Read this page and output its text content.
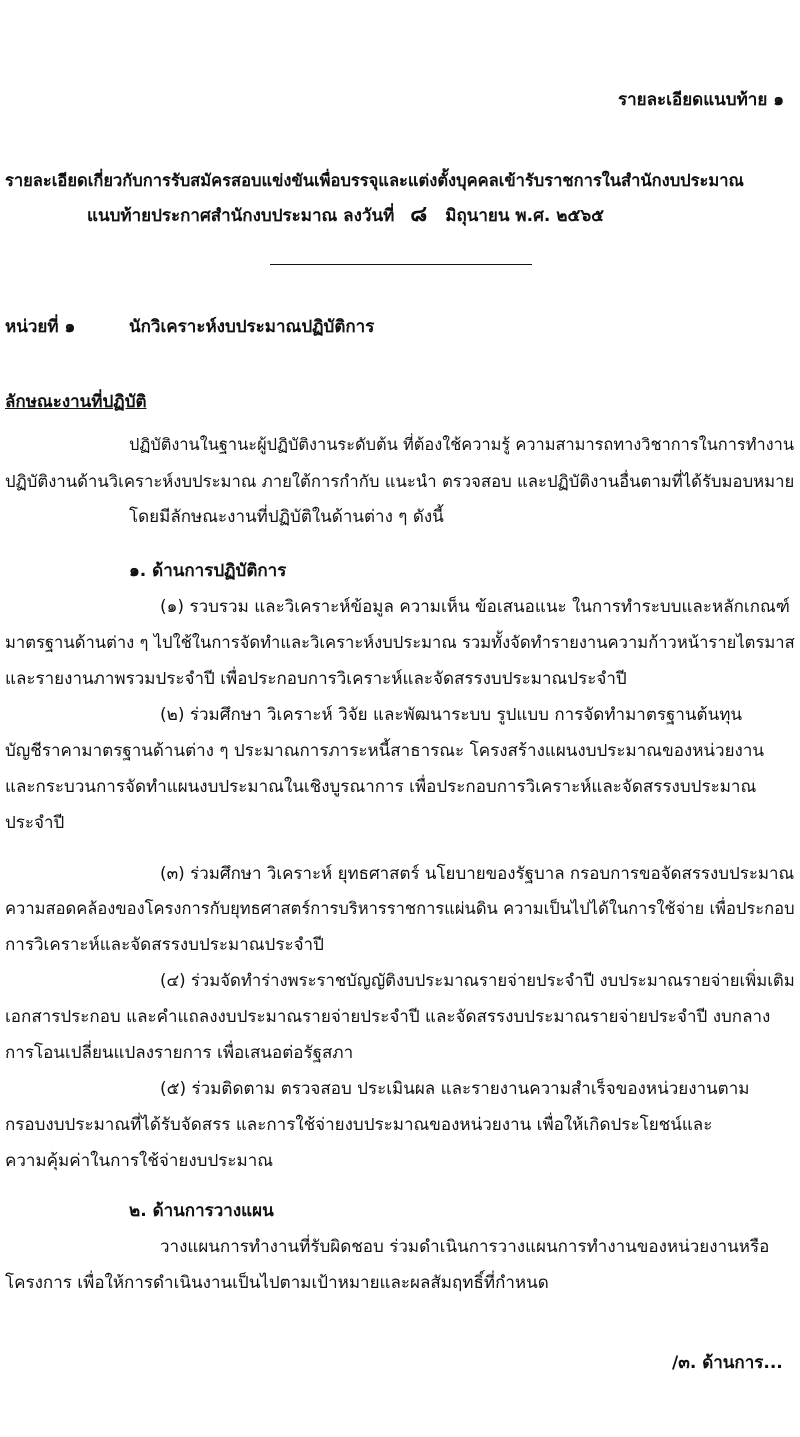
รายละเอียดแนบท้าย ๑
รายละเอียดเกี่ยวกับการรับสมัครสอบแข่งขันเพื่อบรรจุและแต่งตั้งบุคคลเข้ารับราชการในสำนักงบประมาณ
แนบท้ายประกาศสำนักงบประมาณ ลงวันที่ ๘ มิถุนายน พ.ศ. ๒๕๖๕
หน่วยที่ ๑	นักวิเคราะห์งบประมาณปฏิบัติการ
ลักษณะงานที่ปฏิบัติ
ปฏิบัติงานในฐานะผู้ปฏิบัติงานระดับต้น ที่ต้องใช้ความรู้ ความสามารถทางวิชาการในการทำงาน
ปฏิบัติงานด้านวิเคราะห์งบประมาณ ภายใต้การกำกับ แนะนำ ตรวจสอบ และปฏิบัติงานอื่นตามที่ได้รับมอบหมาย
โดยมีลักษณะงานที่ปฏิบัติในด้านต่าง ๆ ดังนี้
๑. ด้านการปฏิบัติการ
(๑) รวบรวม และวิเคราะห์ข้อมูล ความเห็น ข้อเสนอแนะ ในการทำระบบและหลักเกณฑ์
มาตรฐานด้านต่าง ๆ ไปใช้ในการจัดทำและวิเคราะห์งบประมาณ รวมทั้งจัดทำรายงานความก้าวหน้ารายไตรมาส
และรายงานภาพรวมประจำปี เพื่อประกอบการวิเคราะห์และจัดสรรงบประมาณประจำปี
(๒) ร่วมศึกษา วิเคราะห์ วิจัย และพัฒนาระบบ รูปแบบ การจัดทำมาตรฐานต้นทุน
บัญชีราคามาตรฐานด้านต่าง ๆ ประมาณการภาระหนี้สาธารณะ โครงสร้างแผนงบประมาณของหน่วยงาน
และกระบวนการจัดทำแผนงบประมาณในเชิงบูรณาการ เพื่อประกอบการวิเคราะห์และจัดสรรงบประมาณ
ประจำปี
(๓) ร่วมศึกษา วิเคราะห์ ยุทธศาสตร์ นโยบายของรัฐบาล กรอบการขอจัดสรรงบประมาณ
ความสอดคล้องของโครงการกับยุทธศาสตร์การบริหารราชการแผ่นดิน ความเป็นไปได้ในการใช้จ่าย เพื่อประกอบ
การวิเคราะห์และจัดสรรงบประมาณประจำปี
(๔) ร่วมจัดทำร่างพระราชบัญญัติงบประมาณรายจ่ายประจำปี งบประมาณรายจ่ายเพิ่มเติม
เอกสารประกอบ และคำแถลงงบประมาณรายจ่ายประจำปี และจัดสรรงบประมาณรายจ่ายประจำปี งบกลาง
การโอนเปลี่ยนแปลงรายการ เพื่อเสนอต่อรัฐสภา
(๕) ร่วมติดตาม ตรวจสอบ ประเมินผล และรายงานความสำเร็จของหน่วยงานตาม
กรอบงบประมาณที่ได้รับจัดสรร และการใช้จ่ายงบประมาณของหน่วยงาน เพื่อให้เกิดประโยชน์และ
ความคุ้มค่าในการใช้จ่ายงบประมาณ
๒. ด้านการวางแผน
วางแผนการทำงานที่รับผิดชอบ ร่วมดำเนินการวางแผนการทำงานของหน่วยงานหรือ
โครงการ เพื่อให้การดำเนินงานเป็นไปตามเป้าหมายและผลสัมฤทธิ์ที่กำหนด
/๓. ด้านการ...
